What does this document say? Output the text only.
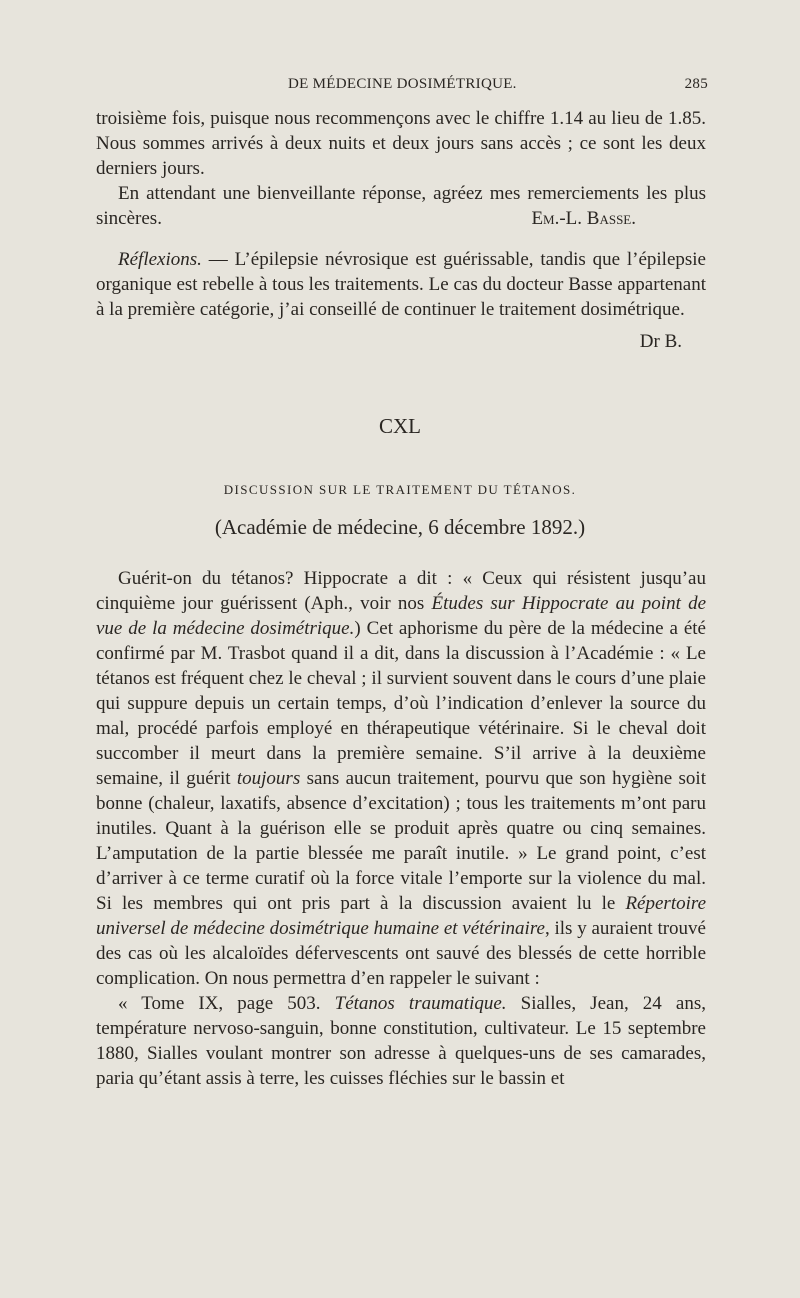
DE MÉDECINE DOSIMÉTRIQUE.	285

troisième fois, puisque nous recommençons avec le chiffre 1.14 au lieu de 1.85. Nous sommes arrivés à deux nuits et deux jours sans accès ; ce sont les deux derniers jours.

En attendant une bienveillante réponse, agréez mes remerciements les plus sincères.	Em.-L. Basse.

Réflexions. — L’épilepsie névrosique est guérissable, tandis que l’épilepsie organique est rebelle à tous les traitements. Le cas du docteur Basse appartenant à la première catégorie, j’ai conseillé de continuer le traitement dosimétrique.

Dr B.

CXL
DISCUSSION SUR LE TRAITEMENT DU TÉTANOS.
(Académie de médecine, 6 décembre 1892.)

Guérit-on du tétanos? Hippocrate a dit : « Ceux qui résistent jusqu’au cinquième jour guérissent (Aph., voir nos Études sur Hippocrate au point de vue de la médecine dosimétrique.) Cet aphorisme du père de la médecine a été confirmé par M. Trasbot quand il a dit, dans la discussion à l’Académie : « Le tétanos est fréquent chez le cheval ; il survient souvent dans le cours d’une plaie qui suppure depuis un certain temps, d’où l’indication d’enlever la source du mal, procédé parfois employé en thérapeutique vétérinaire. Si le cheval doit succomber il meurt dans la première semaine. S’il arrive à la deuxième semaine, il guérit toujours sans aucun traitement, pourvu que son hygiène soit bonne (chaleur, laxatifs, absence d’excitation) ; tous les traitements m’ont paru inutiles. Quant à la guérison elle se produit après quatre ou cinq semaines. L’amputation de la partie blessée me paraît inutile. » Le grand point, c’est d’arriver à ce terme curatif où la force vitale l’emporte sur la violence du mal. Si les membres qui ont pris part à la discussion avaient lu le Répertoire universel de médecine dosimétrique humaine et vétérinaire, ils y auraient trouvé des cas où les alcaloïdes défervescents ont sauvé des blessés de cette horrible complication. On nous permettra d’en rappeler le suivant :

« Tome IX, page 503. Tétanos traumatique. Sialles, Jean, 24 ans, température nervoso-sanguin, bonne constitution, cultivateur. Le 15 septembre 1880, Sialles voulant montrer son adresse à quelques-uns de ses camarades, paria qu’étant assis à terre, les cuisses fléchies sur le bassin et
